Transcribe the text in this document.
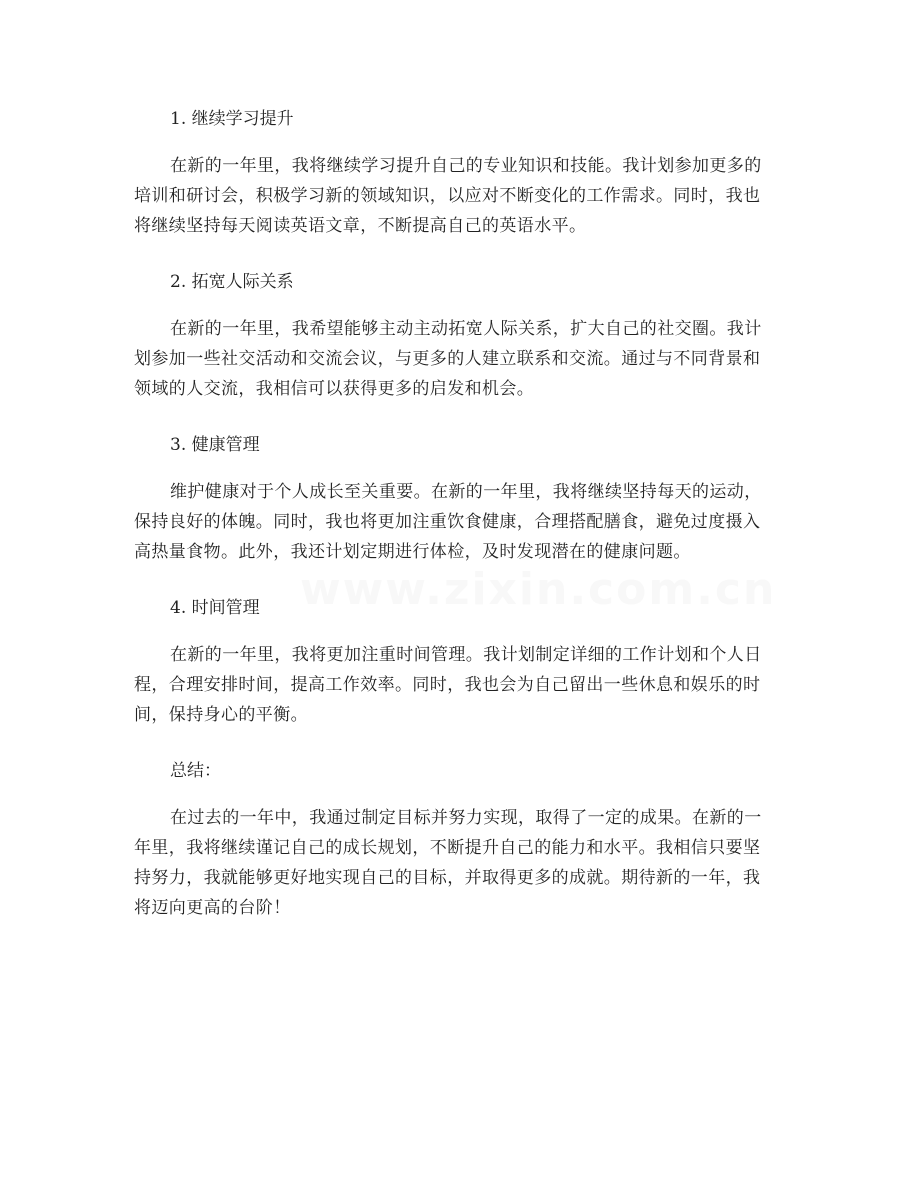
www.zixin.com.cn
1. 继续学习提升
在新的一年里，我将继续学习提升自己的专业知识和技能。我计划参加更多的
培训和研讨会，积极学习新的领域知识，以应对不断变化的工作需求。同时，我也
将继续坚持每天阅读英语文章，不断提高自己的英语水平。
2. 拓宽人际关系
在新的一年里，我希望能够主动主动拓宽人际关系，扩大自己的社交圈。我计
划参加一些社交活动和交流会议，与更多的人建立联系和交流。通过与不同背景和
领域的人交流，我相信可以获得更多的启发和机会。
3. 健康管理
维护健康对于个人成长至关重要。在新的一年里，我将继续坚持每天的运动，
保持良好的体魄。同时，我也将更加注重饮食健康，合理搭配膳食，避免过度摄入
高热量食物。此外，我还计划定期进行体检，及时发现潜在的健康问题。
4. 时间管理
在新的一年里，我将更加注重时间管理。我计划制定详细的工作计划和个人日
程，合理安排时间，提高工作效率。同时，我也会为自己留出一些休息和娱乐的时
间，保持身心的平衡。
总结：
在过去的一年中，我通过制定目标并努力实现，取得了一定的成果。在新的一
年里，我将继续谨记自己的成长规划，不断提升自己的能力和水平。我相信只要坚
持努力，我就能够更好地实现自己的目标，并取得更多的成就。期待新的一年，我
将迈向更高的台阶！
